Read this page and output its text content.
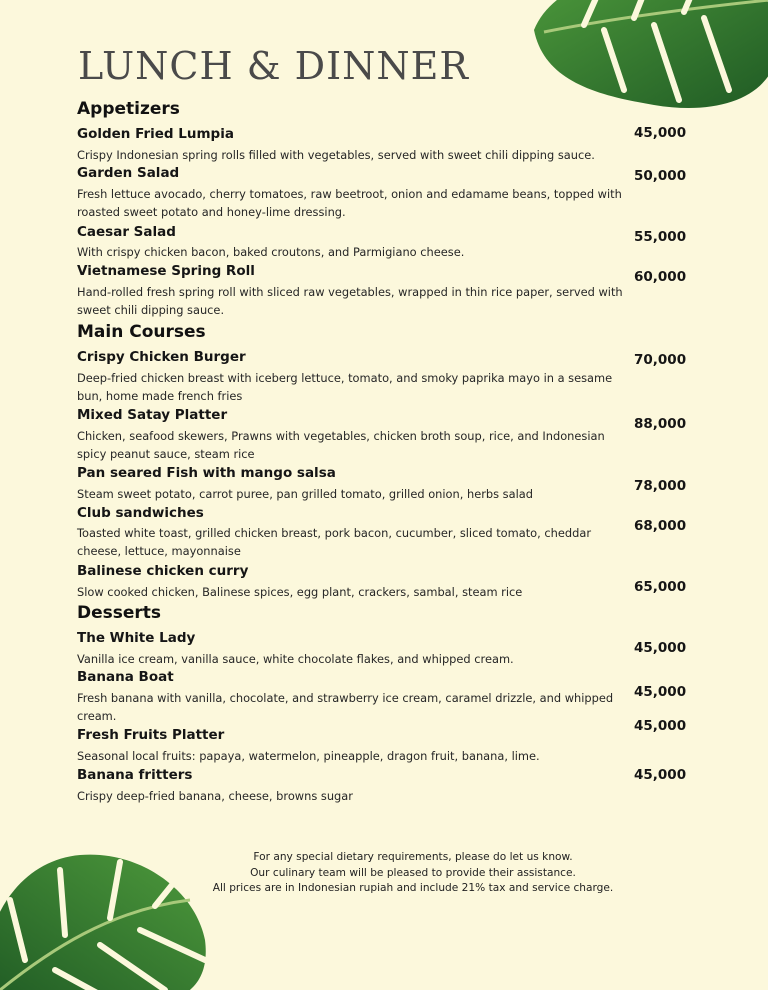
LUNCH & DINNER
Appetizers
Golden Fried Lumpia
Crispy Indonesian spring rolls filled with vegetables, served with sweet chili dipping sauce.
45,000
Garden Salad
Fresh lettuce avocado, cherry tomatoes, raw beetroot, onion and edamame beans, topped with roasted sweet potato and honey-lime dressing.
50,000
Caesar Salad
With crispy chicken bacon, baked croutons, and Parmigiano cheese.
55,000
Vietnamese Spring Roll
Hand-rolled fresh spring roll with sliced raw vegetables, wrapped in thin rice paper, served with sweet chili dipping sauce.
60,000
Main Courses
Crispy Chicken Burger
Deep-fried chicken breast with iceberg lettuce, tomato, and smoky paprika mayo in a sesame bun, home made french fries
70,000
Mixed Satay Platter
Chicken, seafood skewers, Prawns with vegetables, chicken broth soup, rice, and Indonesian spicy peanut sauce, steam rice
88,000
Pan seared Fish with mango salsa
Steam sweet potato, carrot puree, pan grilled tomato, grilled onion, herbs salad	78,000
Club sandwiches
Toasted white toast, grilled chicken breast, pork bacon, cucumber, sliced tomato, cheddar cheese, lettuce, mayonnaise
68,000
Balinese chicken curry
Slow cooked chicken, Balinese spices, egg plant, crackers, sambal, steam rice	65,000
Desserts
The White Lady
Vanilla ice cream, vanilla sauce, white chocolate flakes, and whipped cream.
45,000
Banana Boat
Fresh banana with vanilla, chocolate, and strawberry ice cream, caramel drizzle, and whipped cream.
45,000
Fresh Fruits Platter
Seasonal local fruits: papaya, watermelon, pineapple, dragon fruit, banana, lime.
45,000
Banana fritters
Crispy deep-fried banana, cheese, browns sugar
45,000
For any special dietary requirements, please do let us know.
Our culinary team will be pleased to provide their assistance.
All prices are in Indonesian rupiah and include 21% tax and service charge.
